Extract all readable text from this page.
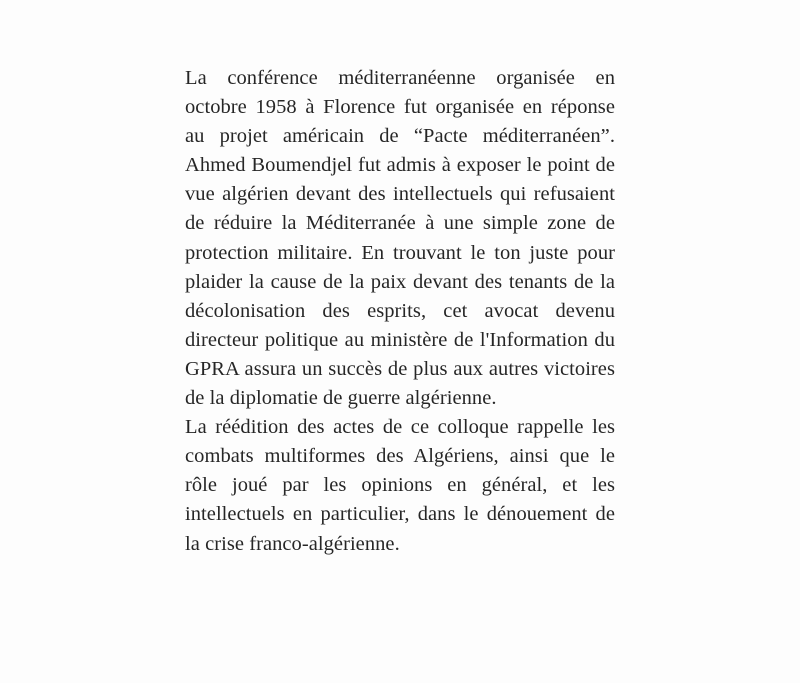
La conférence méditerranéenne organisée en octobre 1958 à Florence fut organisée en réponse au projet américain de “Pacte méditerranéen”. Ahmed Boumendjel fut admis à exposer le point de vue algérien devant des intellectuels qui refusaient de réduire la Méditerranée à une simple zone de protection militaire. En trouvant le ton juste pour plaider la cause de la paix devant des tenants de la décolonisation des esprits, cet avocat devenu directeur politique au ministère de l'Information du GPRA assura un succès de plus aux autres victoires de la diplomatie de guerre algérienne.

La réédition des actes de ce colloque rappelle les combats multiformes des Algériens, ainsi que le rôle joué par les opinions en général, et les intellectuels en particulier, dans le dénouement de la crise franco-algérienne.
